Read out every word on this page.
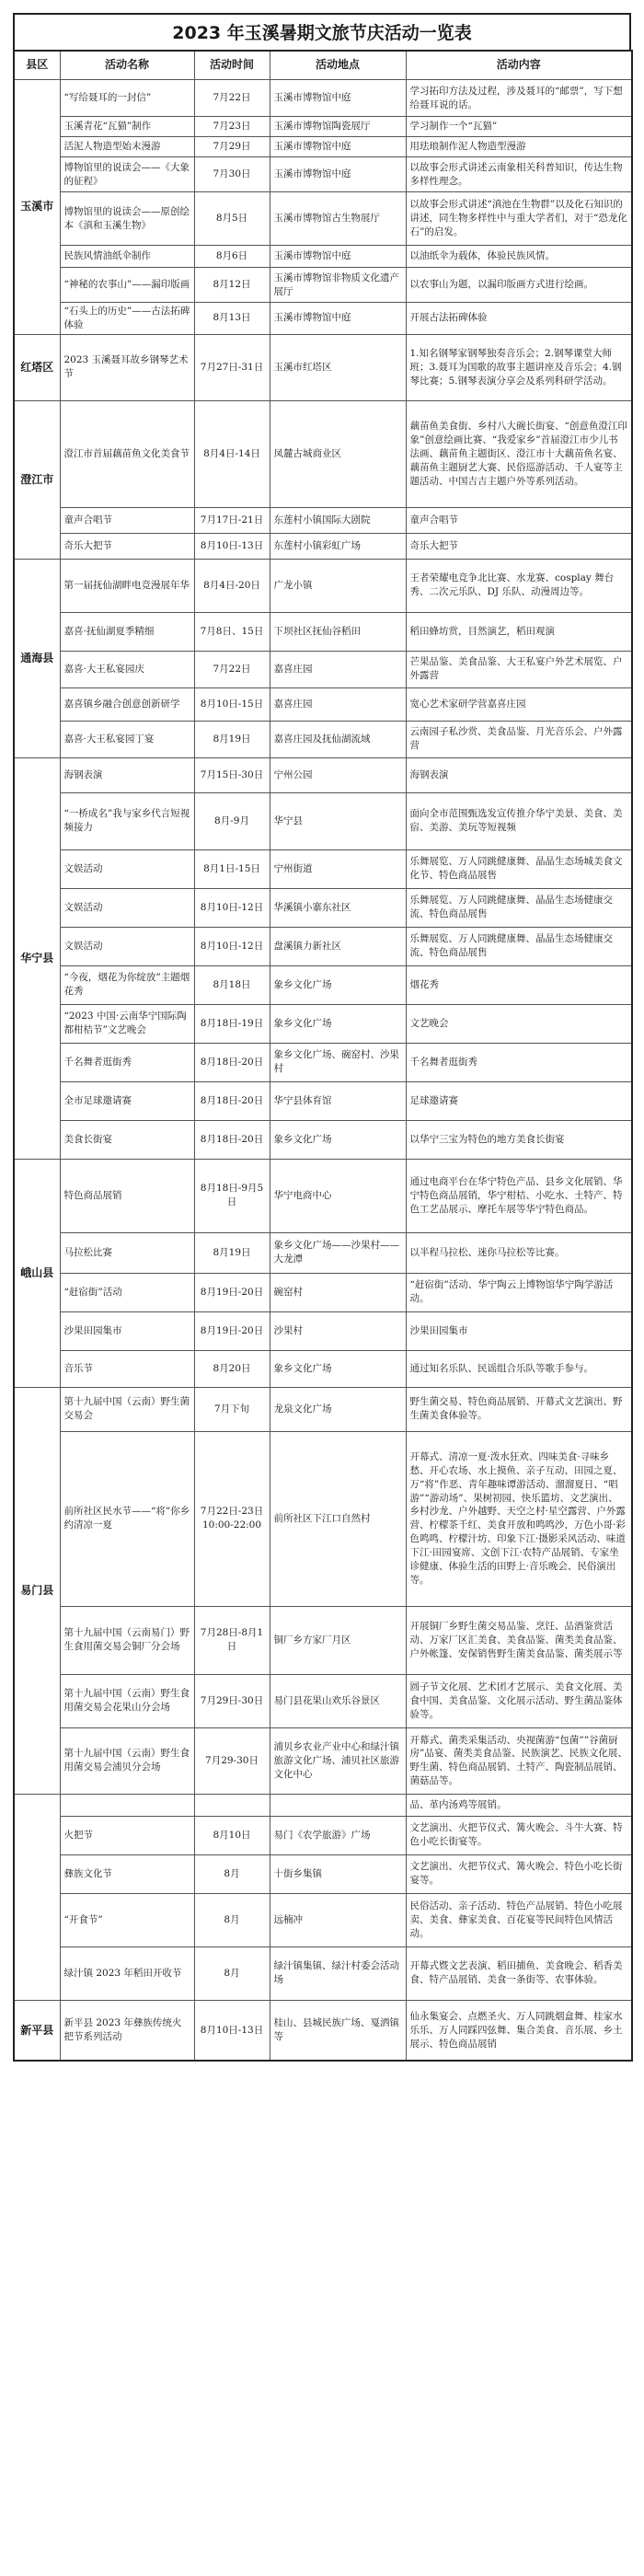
2023 年玉溪暑期文旅节庆活动一览表
县区	活动名称	活动时间	活动地点	活动内容
玉溪市	“写给聂耳的一封信”	7月22日	玉溪市博物馆中庭	学习拓印方法及过程，涉及聂耳的“邮票”，写下想给聂耳说的话。
	玉溪青花“瓦猫”制作	7月23日	玉溪市博物馆陶瓷展厅	学习制作一个“瓦猫”
	活泥人物造型始末漫游	7月29日	玉溪市博物馆中庭	用珐琅制作泥人物造型漫游
	博物馆里的说读会——《大象的征程》	7月30日	玉溪市博物馆中庭	以故事会形式讲述云南象相关科普知识，传达生物多样性理念。
	博物馆里的说读会——原创绘本《滇和玉溪生物》	8月5日	玉溪市博物馆古生物展厅	以故事会形式讲述“滇池在生物群”以及化石知识的讲述，同生物多样性中与重大学者们，对于“恐龙化石”的启发。
	民族风情油纸伞制作	8月6日	玉溪市博物馆中庭	以油纸伞为载体，体验民族风情。
	“神秘的农事山”——漏印版画	8月12日	玉溪市博物馆非物质文化遗产展厅	以农事山为题，以漏印版画方式进行绘画。
	“石头上的历史”——古法拓碑体验	8月13日	玉溪市博物馆中庭	开展古法拓碑体验
红塔区	2023 玉溪聂耳故乡钢琴艺术节	7月27日-31日	玉溪市红塔区	1.知名钢琴家钢琴独奏音乐会；2.钢琴课堂大师班；3.聂耳为国歌的故事主题讲座及音乐会；4.钢琴比赛；5.钢琴表演分享会及系列科研学活动。
澄江市	澄江市首届藕苗鱼文化美食节	8月4日-14日	凤麓古城商业区	藕苗鱼美食街、乡村八大碗长街宴、“创意鱼澄江印象”创意绘画比赛、“我爱家乡”首届澄江市少儿书法画、藕苗鱼主题街区、澄江市十大藕苗鱼名宴、藕苗鱼主题厨艺大赛、民俗巡游活动、千人宴等主题活动、中国吉吉主题户外等系列活动。
	童声合唱节	7月17日-21日	东莲村小镇国际大剧院	童声合唱节
	奇乐大把节	8月10日-13日	东莲村小镇彩虹广场	奇乐大把节
通海县	第一届抚仙湖畔电竞漫展年华	8月4日-20日	广龙小镇	王者荣耀电竞争北比赛、水龙赛、cosplay 舞台秀、二次元乐队、DJ 乐队、动漫周边等。
	嘉喜·抚仙湖夏季精细	7月8日、15日	下坝社区抚仙谷稻田	稻田蜂坊赏，目然演艺，稻田观演
	嘉喜·大王私宴园庆	7月22日	嘉喜庄园	芒果品鉴、美食品鉴、大王私宴户外艺术展览、户外露营
	嘉喜镇乡融合创意创新研学	8月10日-15日	嘉喜庄园	宽心艺术家研学营嘉喜庄园
	嘉喜·大王私宴园丁宴	8月19日	嘉喜庄园及抚仙湖流域	云南园子私沙赏、美食品鉴、月光音乐会、户外露营
华宁县	海钢表演	7月15日-30日	宁州公园	海钢表演
	“一桥成名”我与家乡代言短视频接力	8月-9月	华宁县	面向全市范围甄选发宣传推介华宁美景、美食、美宿、美游、美玩等短视频
	文娱活动	8月1日-15日	宁州街道	乐舞展览、万人同跳健康舞、晶晶生态场城美食文化节、特色商品展售
	文娱活动	8月10日-12日	华溪镇小寨东社区	乐舞展览、万人同跳健康舞、晶晶生态场健康交流、特色商品展售
	文娱活动	8月10日-12日	盘溪镇力新社区	乐舞展览、万人同跳健康舞、晶晶生态场健康交流、特色商品展售
	“今夜，烟花为你绽放”主题烟花秀	8月18日	象乡文化广场	烟花秀
	“2023 中国·云南华宁国际陶都柑桔节”文艺晚会	8月18日-19日	象乡文化广场	文艺晚会
	千名舞者逛街秀	8月18日-20日	象乡文化广场、碗窑村、沙果村	千名舞者逛街秀
	全市足球邀请赛	8月18日-20日	华宁县体育馆	足球邀请赛
	美食长街宴	8月18日-20日	象乡文化广场	以华宁三宝为特色的地方美食长街宴
峨山县	特色商品展销	8月18日-9月5日	华宁电商中心	通过电商平台在华宁特色产品、县乡文化展销、华宁特色商品展销，华宁柑桔、小吃水、土特产、特色工艺品展示、摩托车展等华宁特色商品。
	马拉松比赛	8月19日	象乡文化广场——沙果村——大龙潭	以半程马拉松、迷你马拉松等比赛。
	“赶宿街”活动	8月19日-20日	碗窑村	“赶宿街”活动、华宁陶云上博物馆华宁陶学游活动。
	沙果田园集市	8月19日-20日	沙果村	沙果田园集市
	音乐节	8月20日	象乡文化广场	通过知名乐队、民谣组合乐队等歌手参与。
易门县	第十九届中国（云南）野生菌交易会	7月下旬	龙泉文化广场	野生菌交易、特色商品展销、开幕式文艺演出、野生菌美食体验等。
	前所社区民水节——“将”你乡约清凉一夏	7月22日-23日 10:00-22:00	前所社区下江口自然村	开幕式、清凉一夏·泼水狂欢、四味美食·寻味乡愁、开心农场、水上摸鱼、亲子互动、田园之夏、万“将”作恶、青年趣味谭游活动、溜溜夏日、“唱游”“游动场”、果树初园、快乐篮坊、文艺演出、乡村沙龙、户外越野、天空之村·星空露营、户外露营、柠檬茶千红、美食开放和鸣鸣沙，万色小哥·彩色鸣鸣、柠檬汁坊、印象下江·摄影采风活动、味道下江·田园宴席、文创下江·农特产品展销、专家坐诊健康、体验生活的田野上·音乐晚会、民俗演出等。
	第十九届中国（云南易门）野生食用菌交易会铜厂分会场	7月28日-8月1日	铜厂乡方家厂月区	开展铜厂乡野生菌交易品鉴、烹饪、品酒鉴赏活动、万家厂区汇美食、美食品鉴、菌类美食品鉴、户外帐篷、安保销售野生菌美食品鉴、菌类展示等
	第十九届中国（云南）野生食用菌交易会花果山分会场	7月29日-30日	易门县花果山欢乐谷景区	圆子节文化展、艺术团才艺展示、美食文化展、美食中国、美食品鉴、文化展示活动、野生菌品鉴体验等。
	第十九届中国（云南）野生食用菌交易会浦贝分会场	7月29-30日	浦贝乡农业产业中心和绿汁镇旅游文化广场、浦贝社区旅游文化中心	开幕式、菌类采集活动、央视菌游“包菌””谷菌厨房”品宴、菌类美食品鉴、民族演艺、民族文化展、野生菌、特色商品展销、土特产、陶瓷制品展销、菌菇品等。
				品、革内汤鸡等展销。
	火把节	8月10日	易门《农学旅游》广场	文艺演出、火把节仪式、篝火晚会、斗牛大赛、特色小吃长街宴等。
	彝族文化节	8月	十街乡集镇	文艺演出、火把节仪式、篝火晚会、特色小吃长街宴等。
	“开食节”	8月	远楠冲	民俗活动、亲子活动、特色产品展销、特色小吃展卖、美食、彝家美食、百花宴等民间特色风情活动。
	绿汁镇 2023 年稻田开收节	8月	绿汁镇集镇、绿汁村委会活动场	开幕式暨文艺表演、稻田捕鱼、美食晚会、稻香美食、特产品展销、美食一条街等、农事体验。
新平县	新平县 2023 年彝族传统火把节系列活动	8月10日-13日	桂山、县城民族广场、戛洒镇等	仙永集宴会、点燃圣火、万人同跳烟盒舞、桂家水乐乐、万人同踩四弦舞、集合美食、音乐展、乡土展示、特色商品展销
